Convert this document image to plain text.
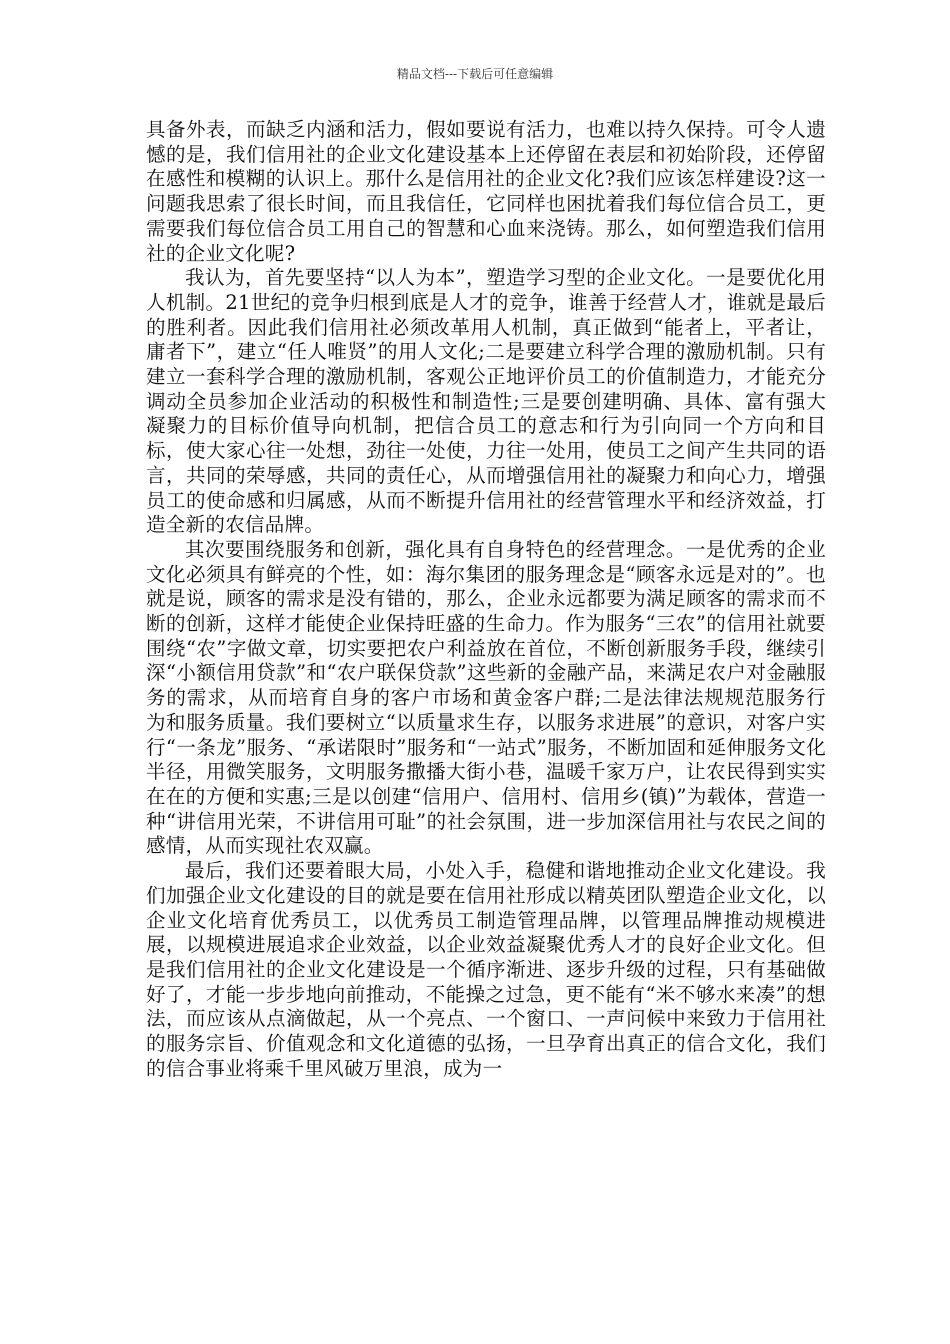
精品文档---下载后可任意编辑

具备外表，而缺乏内涵和活力，假如要说有活力，也难以持久保持。可令人遗憾的是，我们信用社的企业文化建设基本上还停留在表层和初始阶段，还停留在感性和模糊的认识上。那什么是信用社的企业文化?我们应该怎样建设?这一问题我思索了很长时间，而且我信任，它同样也困扰着我们每位信合员工，更需要我们每位信合员工用自己的智慧和心血来浇铸。那么，如何塑造我们信用社的企业文化呢?

我认为，首先要坚持“以人为本”，塑造学习型的企业文化。一是要优化用人机制。21世纪的竞争归根到底是人才的竞争，谁善于经营人才，谁就是最后的胜利者。因此我们信用社必须改革用人机制，真正做到“能者上，平者让，庸者下”，建立“任人唯贤”的用人文化;二是要建立科学合理的激励机制。只有建立一套科学合理的激励机制，客观公正地评价员工的价值制造力，才能充分调动全员参加企业活动的积极性和制造性;三是要创建明确、具体、富有强大凝聚力的目标价值导向机制，把信合员工的意志和行为引向同一个方向和目标，使大家心往一处想，劲往一处使，力往一处用，使员工之间产生共同的语言，共同的荣辱感，共同的责任心，从而增强信用社的凝聚力和向心力，增强员工的使命感和归属感，从而不断提升信用社的经营管理水平和经济效益，打造全新的农信品牌。

其次要围绕服务和创新，强化具有自身特色的经营理念。一是优秀的企业文化必须具有鲜亮的个性，如：海尔集团的服务理念是“顾客永远是对的”。也就是说，顾客的需求是没有错的，那么，企业永远都要为满足顾客的需求而不断的创新，这样才能使企业保持旺盛的生命力。作为服务“三农”的信用社就要围绕“农”字做文章，切实要把农户利益放在首位，不断创新服务手段，继续引深“小额信用贷款”和“农户联保贷款”这些新的金融产品，来满足农户对金融服务的需求，从而培育自身的客户市场和黄金客户群;二是法律法规规范服务行为和服务质量。我们要树立“以质量求生存，以服务求进展”的意识，对客户实行“一条龙”服务、“承诺限时”服务和“一站式”服务，不断加固和延伸服务文化半径，用微笑服务，文明服务撒播大街小巷，温暖千家万户，让农民得到实实在在的方便和实惠;三是以创建“信用户、信用村、信用乡(镇)”为载体，营造一种“讲信用光荣，不讲信用可耻”的社会氛围，进一步加深信用社与农民之间的感情，从而实现社农双赢。

最后，我们还要着眼大局，小处入手，稳健和谐地推动企业文化建设。我们加强企业文化建设的目的就是要在信用社形成以精英团队塑造企业文化，以企业文化培育优秀员工，以优秀员工制造管理品牌，以管理品牌推动规模进展，以规模进展追求企业效益，以企业效益凝聚优秀人才的良好企业文化。但是我们信用社的企业文化建设是一个循序渐进、逐步升级的过程，只有基础做好了，才能一步步地向前推动，不能操之过急，更不能有“米不够水来凑”的想法，而应该从点滴做起，从一个亮点、一个窗口、一声问候中来致力于信用社的服务宗旨、价值观念和文化道德的弘扬，一旦孕育出真正的信合文化，我们的信合事业将乘千里风破万里浪，成为一
